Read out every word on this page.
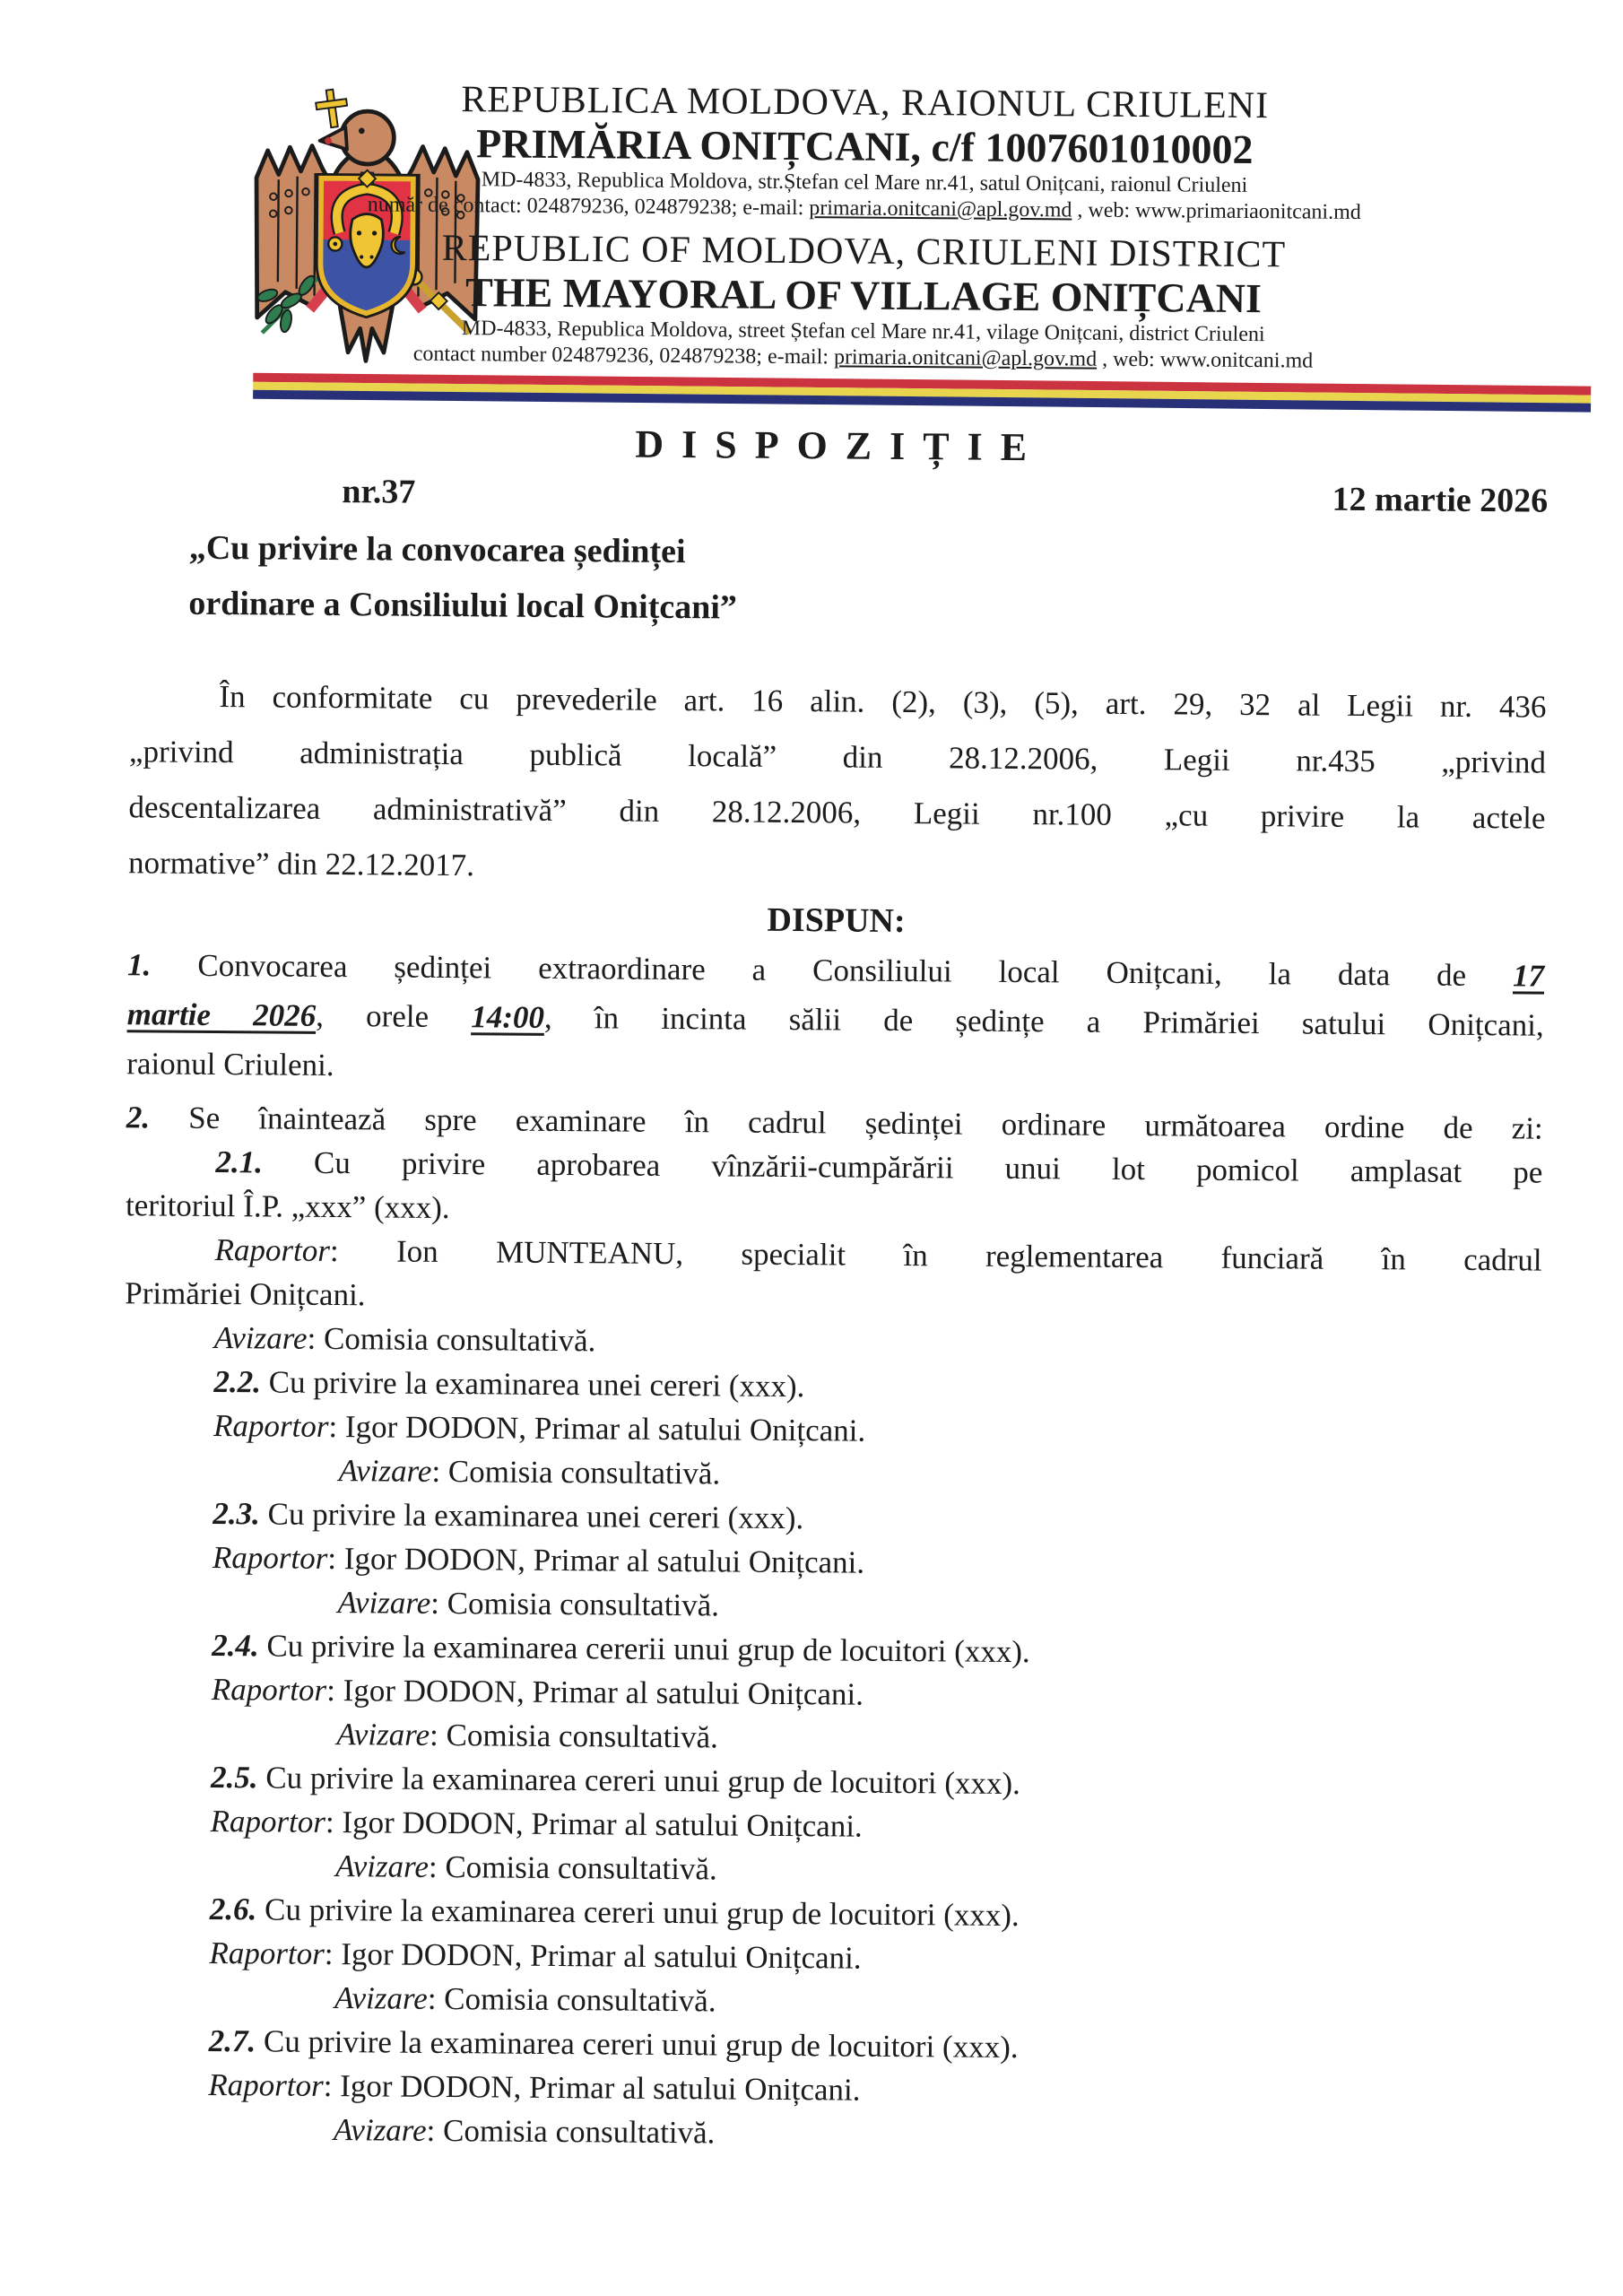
REPUBLICA MOLDOVA, RAIONUL CRIULENI
PRIMĂRIA ONIȚCANI, c/f 1007601010002
MD-4833, Republica Moldova, str.Ștefan cel Mare nr.41, satul Onițcani, raionul Criuleni
număr de contact: 024879236, 024879238; e-mail: primaria.onitcani@apl.gov.md , web: www.primariaonitcani.md
REPUBLIC OF MOLDOVA, CRIULENI DISTRICT
THE MAYORAL OF VILLAGE ONIȚCANI
MD-4833, Republica Moldova, street Ștefan cel Mare nr.41, vilage Onițcani, district Criuleni
contact number 024879236, 024879238; e-mail: primaria.onitcani@apl.gov.md , web: www.onitcani.md
DISPOZIȚIE
nr.37	12 martie 2026
„Cu privire la convocarea ședinței
ordinare a Consiliului local Onițcani”
În conformitate cu prevederile art. 16 alin. (2), (3), (5), art. 29, 32 al Legii nr. 436
„privind administrația publică locală” din 28.12.2006, Legii nr.435 „privind
descentalizarea administrativă” din 28.12.2006, Legii nr.100 „cu privire la actele
normative” din 22.12.2017.
DISPUN:
1. Convocarea ședinței extraordinare a Consiliului local Onițcani, la data de 17
martie 2026, orele 14:00, în incinta sălii de ședințe a Primăriei satului Onițcani,
raionul Criuleni.

2. Se înaintează spre examinare în cadrul ședinței ordinare următoarea ordine de zi:

2.1. Cu privire aprobarea vînzării-cumpărării unui lot pomicol amplasat pe
teritoriul Î.P. „xxx” (xxx).
Raportor: Ion MUNTEANU, specialit în reglementarea funciară în cadrul
Primăriei Onițcani.

Avizare: Comisia consultativă.

2.2. Cu privire la examinarea unei cereri (xxx).

Raportor: Igor DODON, Primar al satului Onițcani.

Avizare: Comisia consultativă.

2.3. Cu privire la examinarea unei cereri (xxx).

Raportor: Igor DODON, Primar al satului Onițcani.

Avizare: Comisia consultativă.

2.4. Cu privire la examinarea cererii unui grup de locuitori (xxx).

Raportor: Igor DODON, Primar al satului Onițcani.

Avizare: Comisia consultativă.

2.5. Cu privire la examinarea cereri unui grup de locuitori (xxx).

Raportor: Igor DODON, Primar al satului Onițcani.

Avizare: Comisia consultativă.

2.6. Cu privire la examinarea cereri unui grup de locuitori (xxx).

Raportor: Igor DODON, Primar al satului Onițcani.

Avizare: Comisia consultativă.

2.7. Cu privire la examinarea cereri unui grup de locuitori (xxx).

Raportor: Igor DODON, Primar al satului Onițcani.

Avizare: Comisia consultativă.
